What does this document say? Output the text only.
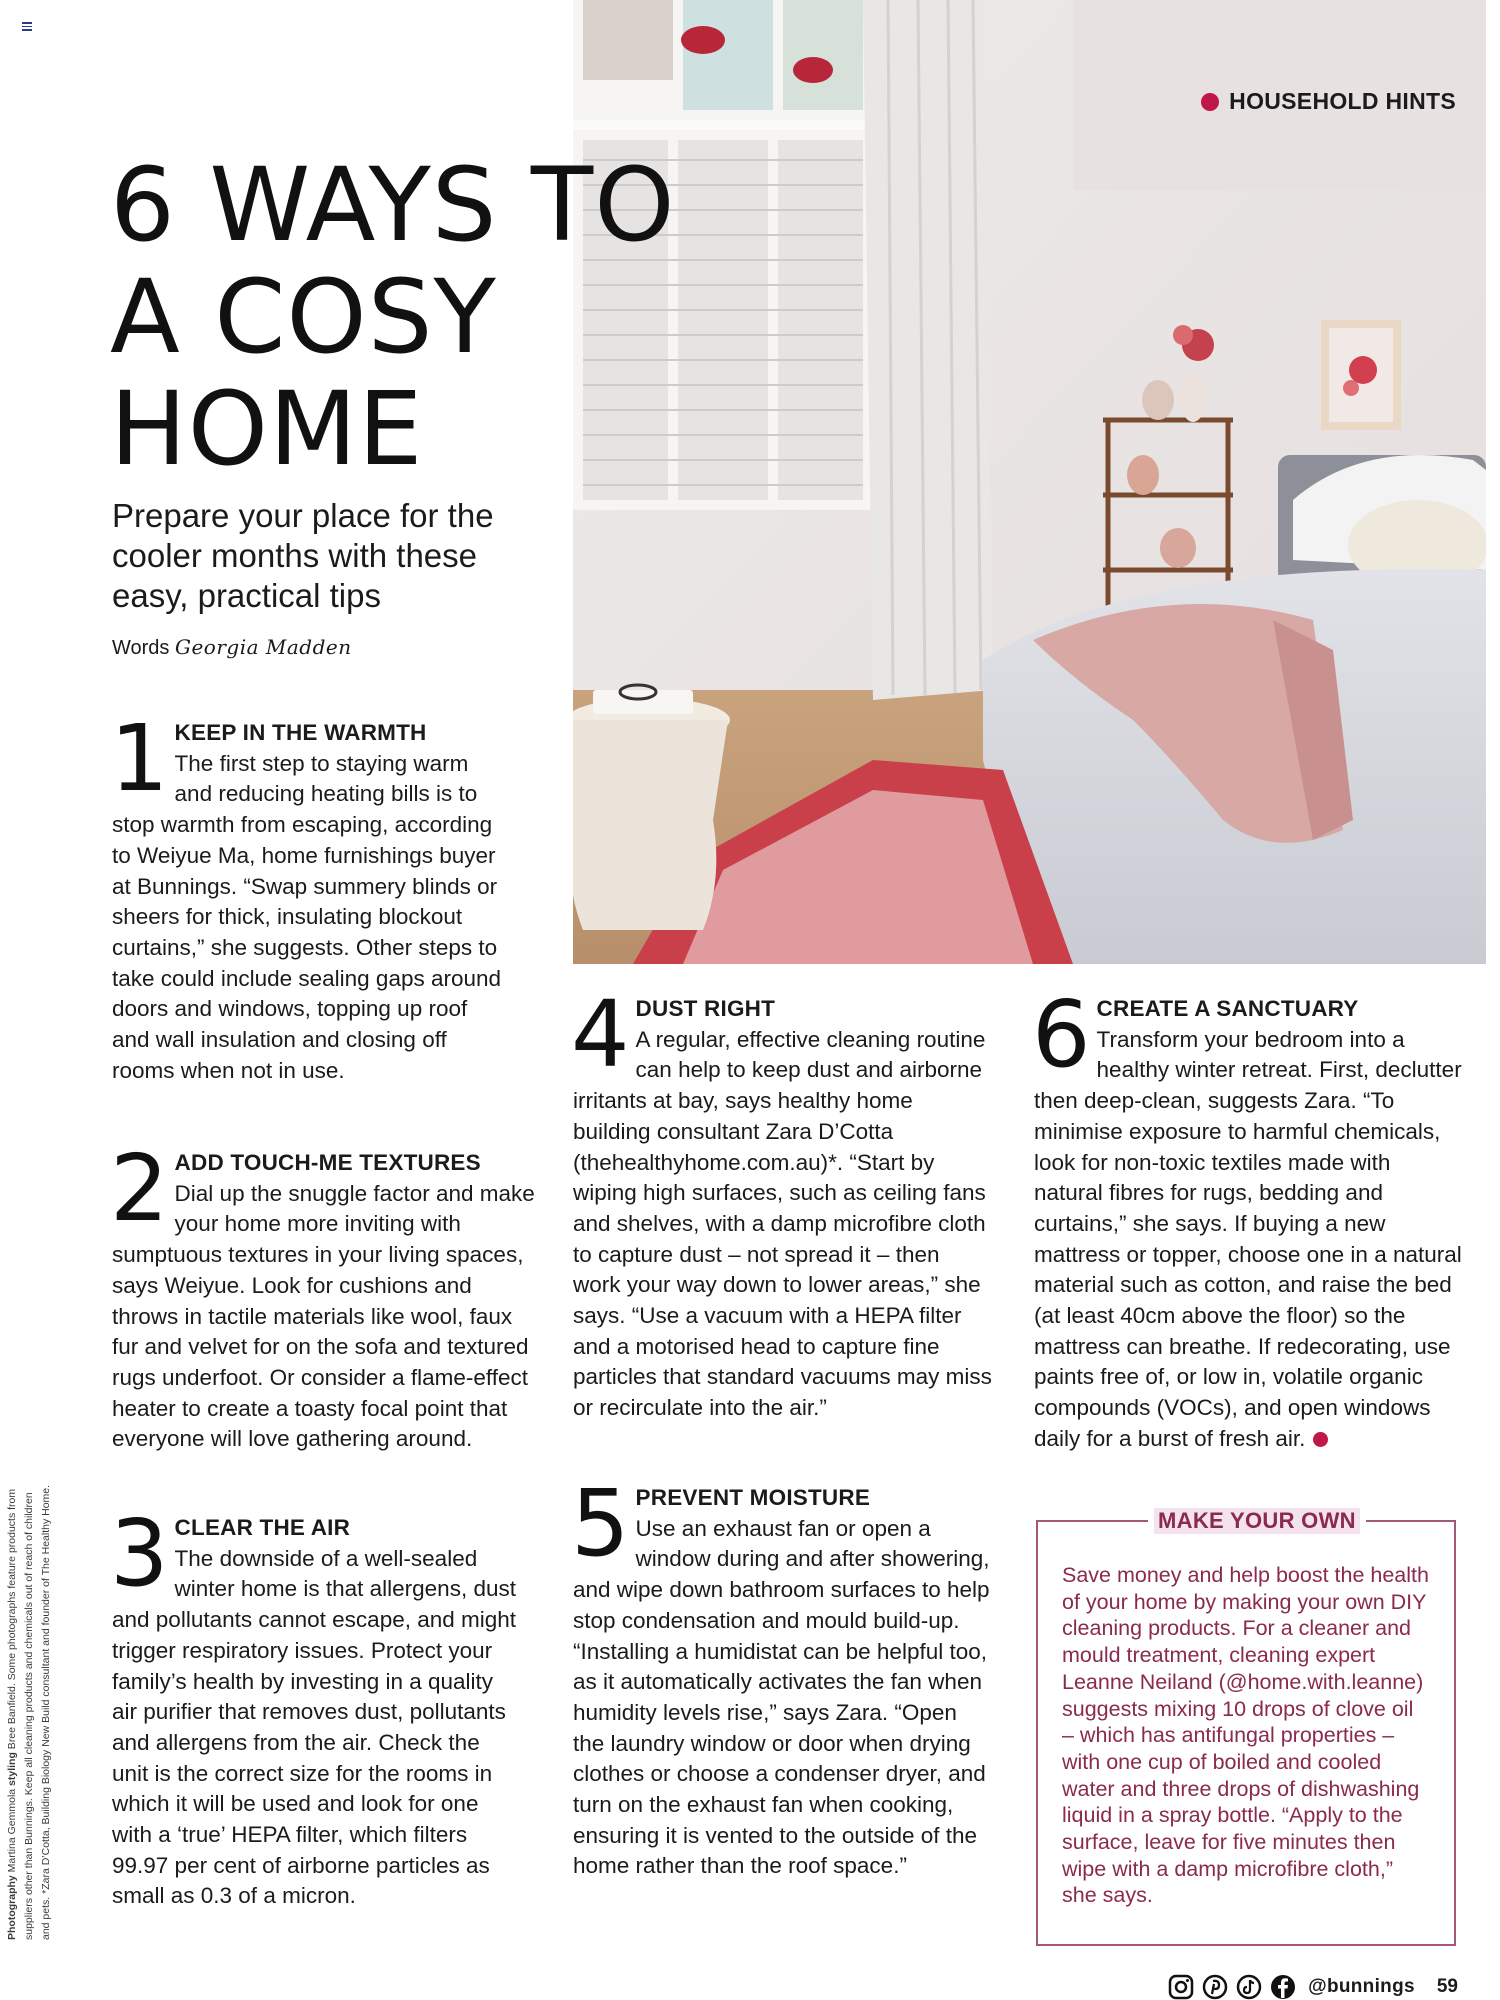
HOUSEHOLD HINTS
6 WAYS TO
A COSY
HOME
Prepare your place for the cooler months with these easy, practical tips
Words Georgia Madden
1 KEEP IN THE WARMTH

The first step to staying warm and reducing heating bills is to stop warmth from escaping, according to Weiyue Ma, home furnishings buyer at Bunnings. “Swap summery blinds or sheers for thick, insulating blockout curtains,” she suggests. Other steps to take could include sealing gaps around doors and windows, topping up roof and wall insulation and closing off rooms when not in use.

2 ADD TOUCH-ME TEXTURES

Dial up the snuggle factor and make your home more inviting with sumptuous textures in your living spaces, says Weiyue. Look for cushions and throws in tactile materials like wool, faux fur and velvet for on the sofa and textured rugs underfoot. Or consider a flame-effect heater to create a toasty focal point that everyone will love gathering around.

3 CLEAR THE AIR

The downside of a well-sealed winter home is that allergens, dust and pollutants cannot escape, and might trigger respiratory issues. Protect your family’s health by investing in a quality air purifier that removes dust, pollutants and allergens from the air. Check the unit is the correct size for the rooms in which it will be used and look for one with a ‘true’ HEPA filter, which filters 99.97 per cent of airborne particles as small as 0.3 of a micron.

4 DUST RIGHT

A regular, effective cleaning routine can help to keep dust and airborne irritants at bay, says healthy home building consultant Zara D’Cotta (thehealthyhome.com.au)*. “Start by wiping high surfaces, such as ceiling fans and shelves, with a damp microfibre cloth to capture dust – not spread it – then work your way down to lower areas,” she says. “Use a vacuum with a HEPA filter and a motorised head to capture fine particles that standard vacuums may miss or recirculate into the air.”

5 PREVENT MOISTURE

Use an exhaust fan or open a window during and after showering, and wipe down bathroom surfaces to help stop condensation and mould build-up. “Installing a humidistat can be helpful too, as it automatically activates the fan when humidity levels rise,” says Zara. “Open the laundry window or door when drying clothes or choose a condenser dryer, and turn on the exhaust fan when cooking, ensuring it is vented to the outside of the home rather than the roof space.”

6 CREATE A SANCTUARY

Transform your bedroom into a healthy winter retreat. First, declutter then deep-clean, suggests Zara. “To minimise exposure to harmful chemicals, look for non-toxic textiles made with natural fibres for rugs, bedding and curtains,” she says. If buying a new mattress or topper, choose one in a natural material such as cotton, and raise the bed (at least 40cm above the floor) so the mattress can breathe. If redecorating, use paints free of, or low in, volatile organic compounds (VOCs), and open windows daily for a burst of fresh air.

MAKE YOUR OWN
Save money and help boost the health of your home by making your own DIY cleaning products. For a cleaner and mould treatment, cleaning expert Leanne Neiland (@home.with.leanne) suggests mixing 10 drops of clove oil – which has antifungal properties – with one cup of boiled and cooled water and three drops of dishwashing liquid in a spray bottle. “Apply to the surface, leave for five minutes then wipe with a damp microfibre cloth,” she says.
Photography Martina Gemmola styling Bree Banfield. Some photographs feature products from suppliers other than Bunnings. Keep all cleaning products and chemicals out of reach of children and pets. *Zara D’Cotta, Building Biology New Build consultant and founder of The Healthy Home.
@bunnings 59
